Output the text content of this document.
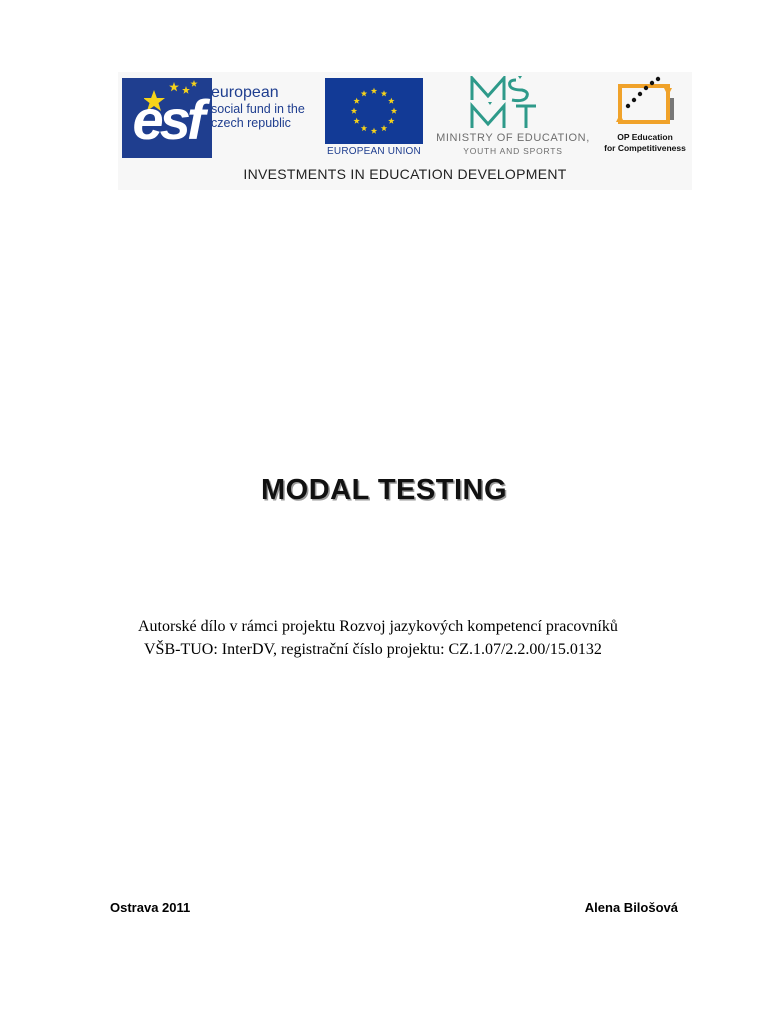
esf european
social fund in the
czech republic
EUROPEAN UNION
MINISTRY OF EDUCATION,
YOUTH AND SPORTS
OP Education
for Competitiveness
INVESTMENTS IN EDUCATION DEVELOPMENT
MODAL TESTING
Autorské dílo v rámci projektu Rozvoj jazykových kompetencí pracovníků
VŠB-TUO: InterDV, registrační číslo projektu: CZ.1.07/2.2.00/15.0132
Ostrava 2011	Alena Bilošová
